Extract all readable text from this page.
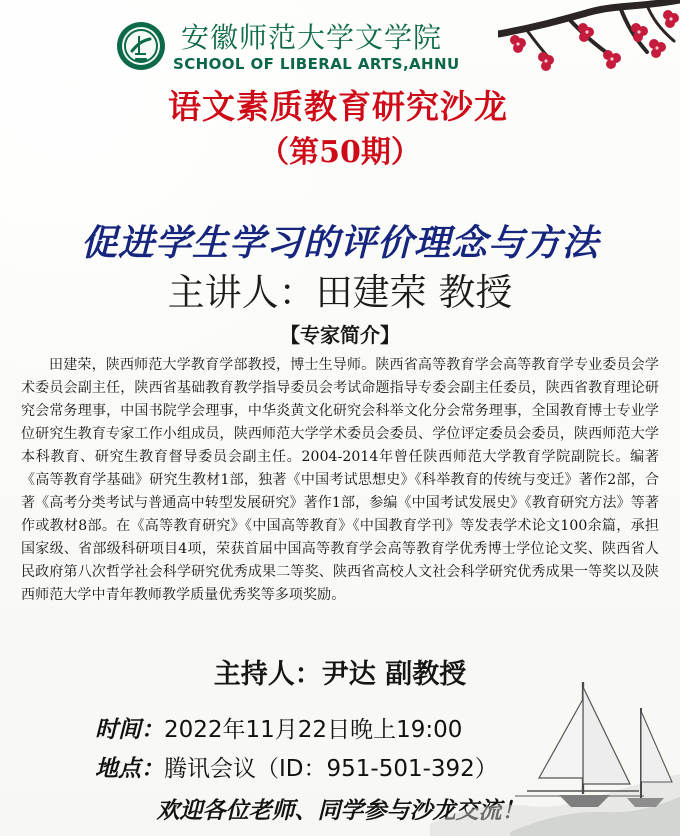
安徽师范大学文学院
SCHOOL OF LIBERAL ARTS,AHNU
语文素质教育研究沙龙
（第50期）
促进学生学习的评价理念与方法
主讲人：田建荣 教授
【专家简介】
田建荣，陕西师范大学教育学部教授，博士生导师。陕西省高等教育学会高等教育学专业委员会学术委员会副主任，陕西省基础教育教学指导委员会考试命题指导专委会副主任委员，陕西省教育理论研究会常务理事，中国书院学会理事，中华炎黄文化研究会科举文化分会常务理事，全国教育博士专业学位研究生教育专家工作小组成员，陕西师范大学学术委员会委员、学位评定委员会委员，陕西师范大学本科教育、研究生教育督导委员会副主任。2004-2014年曾任陕西师范大学教育学院副院长。编著《高等教育学基础》研究生教材1部，独著《中国考试思想史》《科举教育的传统与变迁》著作2部，合著《高考分类考试与普通高中转型发展研究》著作1部，参编《中国考试发展史》《教育研究方法》等著作或教材8部。在《高等教育研究》《中国高等教育》《中国教育学刊》等发表学术论文100余篇，承担国家级、省部级科研项目4项，荣获首届中国高等教育学会高等教育学优秀博士学位论文奖、陕西省人民政府第八次哲学社会科学研究优秀成果二等奖、陕西省高校人文社会科学研究优秀成果一等奖以及陕西师范大学中青年教师教学质量优秀奖等多项奖励。
主持人：尹达 副教授
时间：2022年11月22日晚上19:00
地点：腾讯会议（ID：951-501-392）
欢迎各位老师、同学参与沙龙交流！
